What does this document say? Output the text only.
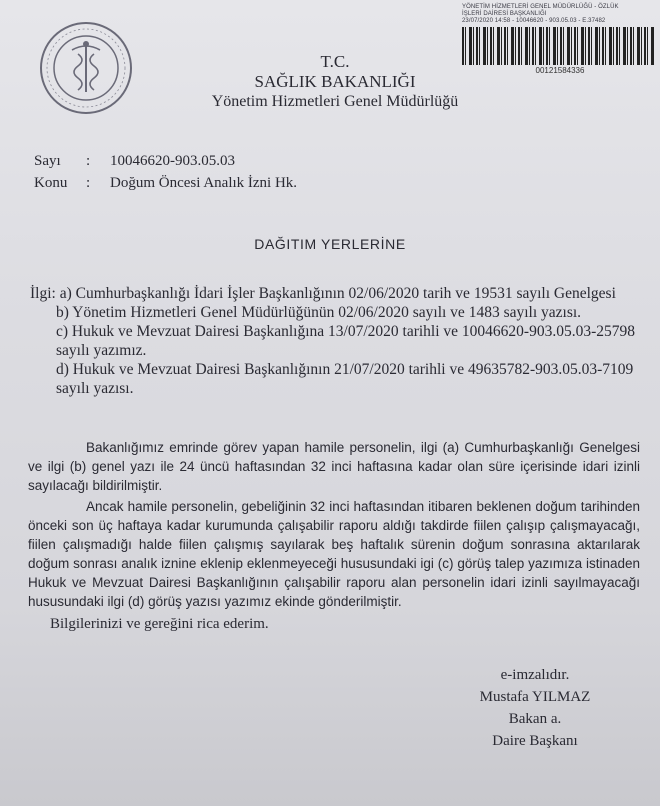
YÖNETİM HİZMETLERİ GENEL MÜDÜRLÜĞÜ - ÖZLÜK
İŞLERİ DAİRESİ BAŞKANLIĞI
23/07/2020 14:58 - 10046620 - 903.05.03 - E.37482
00121584336
T.C.
SAĞLIK BAKANLIĞI
Yönetim Hizmetleri Genel Müdürlüğü
Sayı	:	10046620-903.05.03
Konu	:	Doğum Öncesi Analık İzni Hk.
DAĞITIM YERLERİNE

İlgi: a) Cumhurbaşkanlığı İdari İşler Başkanlığının 02/06/2020 tarih ve 19531 sayılı Genelgesi

b) Yönetim Hizmetleri Genel Müdürlüğünün 02/06/2020 sayılı ve 1483 sayılı yazısı.

c) Hukuk ve Mevzuat Dairesi Başkanlığına 13/07/2020 tarihli ve 10046620-903.05.03-25798 sayılı yazımız.

d) Hukuk ve Mevzuat Dairesi Başkanlığının 21/07/2020 tarihli ve 49635782-903.05.03-7109 sayılı yazısı.

Bakanlığımız emrinde görev yapan hamile personelin, ilgi (a) Cumhurbaşkanlığı Genelgesi ve ilgi (b) genel yazı ile 24 üncü haftasından 32 inci haftasına kadar olan süre içerisinde idari izinli sayılacağı bildirilmiştir.

Ancak hamile personelin, gebeliğinin 32 inci haftasından itibaren beklenen doğum tarihinden önceki son üç haftaya kadar kurumunda çalışabilir raporu aldığı takdirde fiilen çalışıp çalışmayacağı, fiilen çalışmadığı halde fiilen çalışmış sayılarak beş haftalık sürenin doğum sonrasına aktarılarak doğum sonrası analık iznine eklenip eklenmeyeceği hususundaki igi (c) görüş talep yazımıza istinaden Hukuk ve Mevzuat Dairesi Başkanlığının çalışabilir raporu alan personelin idari izinli sayılmayacağı hususundaki ilgi (d) görüş yazısı yazımız ekinde gönderilmiştir.

Bilgilerinizi ve gereğini rica ederim.

e-imzalıdır.
Mustafa YILMAZ
Bakan a.
Daire Başkanı
